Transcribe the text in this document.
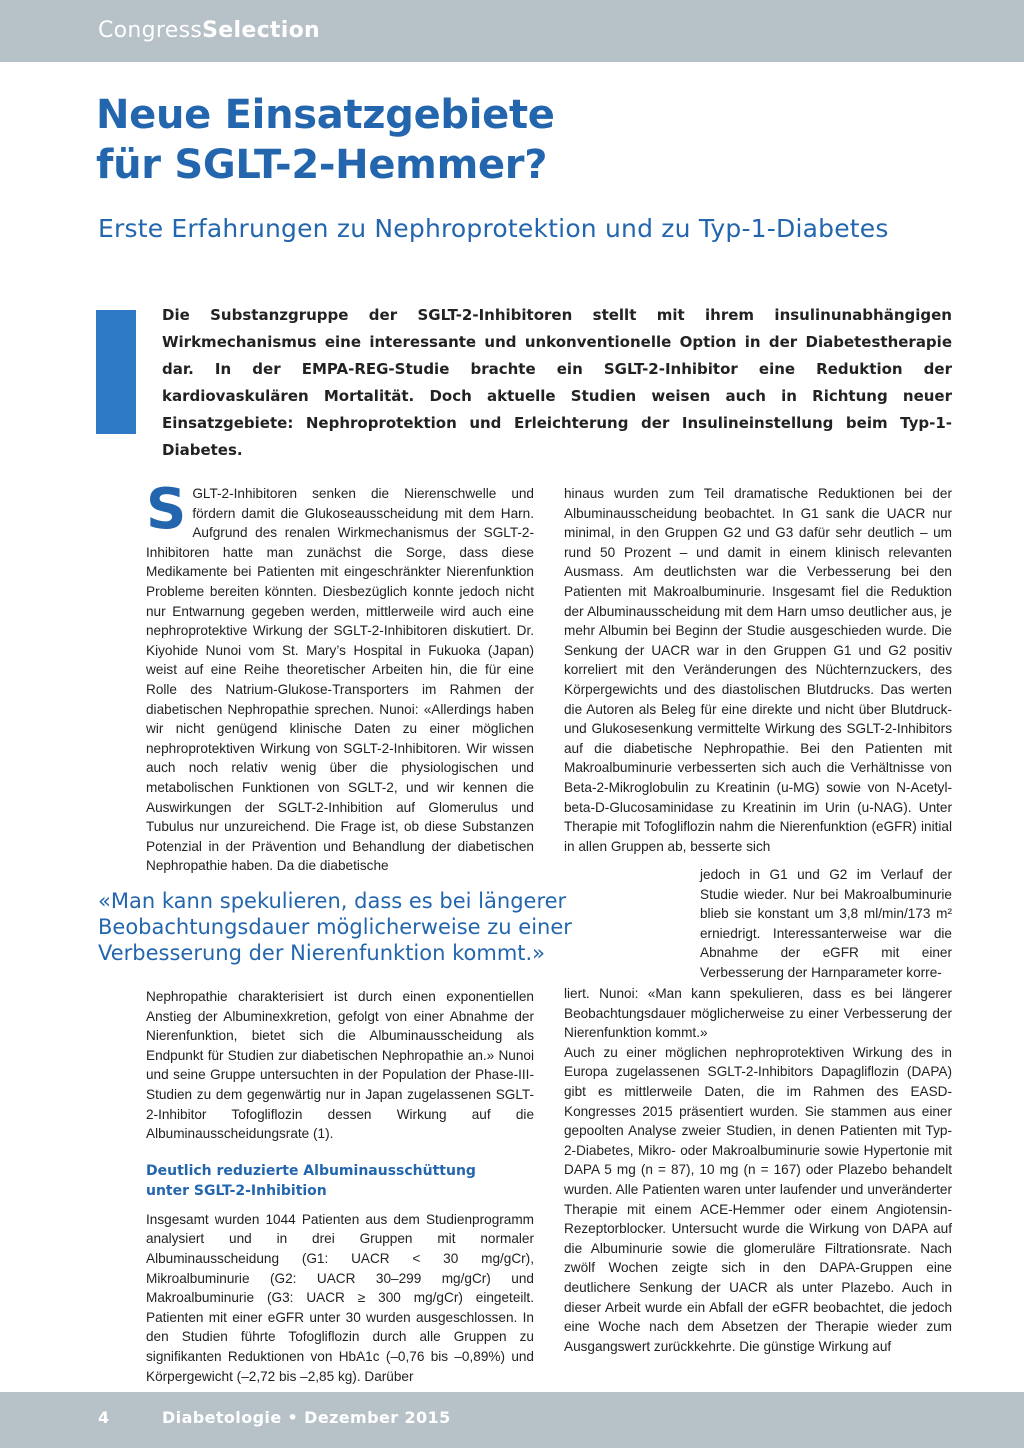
CongressSelection
Neue Einsatzgebiete
für SGLT-2-Hemmer?
Erste Erfahrungen zu Nephroprotektion und zu Typ-1-Diabetes

Die Substanzgruppe der SGLT-2-Inhibitoren stellt mit ihrem insulinunabhängigen Wirkmechanismus eine interessante und unkonventionelle Option in der Diabetestherapie dar. In der EMPA-REG-Studie brachte ein SGLT-2-Inhibitor eine Reduktion der kardiovaskulären Mortalität. Doch aktuelle Studien weisen auch in Richtung neuer Einsatzgebiete: Nephroprotektion und Erleichterung der Insulineinstellung beim Typ-1-Diabetes.

S GLT-2-Inhibitoren senken die Nierenschwelle und fördern damit die Glukoseausscheidung mit dem Harn. Aufgrund des renalen Wirkmechanismus der SGLT-2-Inhibitoren hatte man zunächst die Sorge, dass diese Medikamente bei Patienten mit eingeschränkter Nierenfunktion Probleme bereiten könnten. Diesbezüglich konnte jedoch nicht nur Entwarnung gegeben werden, mittlerweile wird auch eine nephroprotektive Wirkung der SGLT-2-Inhibitoren diskutiert. Dr. Kiyohide Nunoi vom St. Mary’s Hospital in Fukuoka (Japan) weist auf eine Reihe theoretischer Arbeiten hin, die für eine Rolle des Natrium-Glukose-Transporters im Rahmen der diabetischen Nephropathie sprechen. Nunoi: «Allerdings haben wir nicht genügend klinische Daten zu einer möglichen nephroprotektiven Wirkung von SGLT-2-Inhibitoren. Wir wissen auch noch relativ wenig über die physiologischen und metabolischen Funktionen von SGLT-2, und wir kennen die Auswirkungen der SGLT-2-Inhibition auf Glomerulus und Tubulus nur unzureichend. Die Frage ist, ob diese Substanzen Potenzial in der Prävention und Behandlung der diabetischen Nephropathie haben. Da die diabetische

«Man kann spekulieren, dass es bei längerer Beobachtungsdauer möglicherweise zu einer Verbesserung der Nierenfunktion kommt.»

Nephropathie charakterisiert ist durch einen exponentiellen Anstieg der Albuminexkretion, gefolgt von einer Abnahme der Nierenfunktion, bietet sich die Albuminausscheidung als Endpunkt für Studien zur diabetischen Nephropathie an.» Nunoi und seine Gruppe untersuchten in der Population der Phase-III-Studien zu dem gegenwärtig nur in Japan zugelassenen SGLT-2-Inhibitor Tofogliflozin dessen Wirkung auf die Albuminausscheidungsrate (1).

Deutlich reduzierte Albuminausschüttung unter SGLT-2-Inhibition

Insgesamt wurden 1044 Patienten aus dem Studienprogramm analysiert und in drei Gruppen mit normaler Albuminausscheidung (G1: UACR < 30 mg/gCr), Mikroalbuminurie (G2: UACR 30–299 mg/gCr) und Makroalbuminurie (G3: UACR ≥ 300 mg/gCr) eingeteilt. Patienten mit einer eGFR unter 30 wurden ausgeschlossen. In den Studien führte Tofogliflozin durch alle Gruppen zu signifikanten Reduktionen von HbA1c (–0,76 bis –0,89%) und Körpergewicht (–2,72 bis –2,85 kg). Darüber

hinaus wurden zum Teil dramatische Reduktionen bei der Albuminausscheidung beobachtet. In G1 sank die UACR nur minimal, in den Gruppen G2 und G3 dafür sehr deutlich – um rund 50 Prozent – und damit in einem klinisch relevanten Ausmass. Am deutlichsten war die Verbesserung bei den Patienten mit Makroalbuminurie. Insgesamt fiel die Reduktion der Albuminausscheidung mit dem Harn umso deutlicher aus, je mehr Albumin bei Beginn der Studie ausgeschieden wurde. Die Senkung der UACR war in den Gruppen G1 und G2 positiv korreliert mit den Veränderungen des Nüchternzuckers, des Körpergewichts und des diastolischen Blutdrucks. Das werten die Autoren als Beleg für eine direkte und nicht über Blutdruck- und Glukosesenkung vermittelte Wirkung des SGLT-2-Inhibitors auf die diabetische Nephropathie. Bei den Patienten mit Makroalbuminurie verbesserten sich auch die Verhältnisse von Beta-2-Mikroglobulin zu Kreatinin (u-MG) sowie von N-Acetyl-beta-D-Glucosaminidase zu Kreatinin im Urin (u-NAG). Unter Therapie mit Tofogliflozin nahm die Nierenfunktion (eGFR) initial in allen Gruppen ab, besserte sich

jedoch in G1 und G2 im Verlauf der Studie wieder. Nur bei Makroalbuminurie blieb sie konstant um 3,8 ml/min/173 m² erniedrigt. Interessanterweise war die Abnahme der eGFR mit einer Verbesserung der Harnparameter korre-

liert. Nunoi: «Man kann spekulieren, dass es bei längerer Beobachtungsdauer möglicherweise zu einer Verbesserung der Nierenfunktion kommt.»

Auch zu einer möglichen nephroprotektiven Wirkung des in Europa zugelassenen SGLT-2-Inhibitors Dapagliflozin (DAPA) gibt es mittlerweile Daten, die im Rahmen des EASD-Kongresses 2015 präsentiert wurden. Sie stammen aus einer gepoolten Analyse zweier Studien, in denen Patienten mit Typ-2-Diabetes, Mikro- oder Makroalbuminurie sowie Hypertonie mit DAPA 5 mg (n = 87), 10 mg (n = 167) oder Plazebo behandelt wurden. Alle Patienten waren unter laufender und unveränderter Therapie mit einem ACE-Hemmer oder einem Angiotensin-Rezeptorblocker. Untersucht wurde die Wirkung von DAPA auf die Albuminurie sowie die glomeruläre Filtrationsrate. Nach zwölf Wochen zeigte sich in den DAPA-Gruppen eine deutlichere Senkung der UACR als unter Plazebo. Auch in dieser Arbeit wurde ein Abfall der eGFR beobachtet, die jedoch eine Woche nach dem Absetzen der Therapie wieder zum Ausgangswert zurückkehrte. Die günstige Wirkung auf

4	Diabetologie • Dezember 2015
